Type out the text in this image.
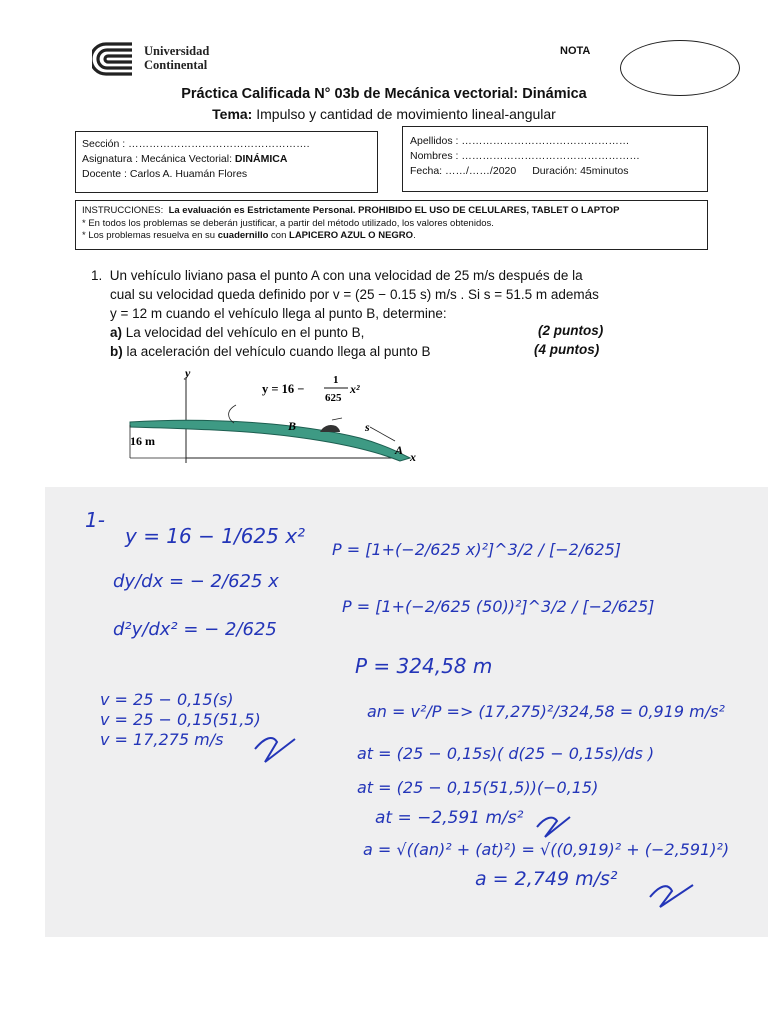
Universidad
Continental
NOTA
Práctica Calificada N° 03b de Mecánica vectorial: Dinámica
Tema: Impulso y cantidad de movimiento lineal-angular
Sección : …………………………………………….
Asignatura : Mecánica Vectorial: DINÁMICA
Docente : Carlos A. Huamán Flores
Apellidos : …………………………………………
Nombres : ……………………………………………
Fecha: ……/……/2020 Duración: 45minutos
INSTRUCCIONES: La evaluación es Estrictamente Personal. PROHIBIDO EL USO DE CELULARES, TABLET O LAPTOP
* En todos los problemas se deberán justificar, a partir del método utilizado, los valores obtenidos.
* Los problemas resuelva en su cuadernillo con LAPICERO AZUL O NEGRO.
1. Un vehículo liviano pasa el punto A con una velocidad de 25 m/s después de la
cual su velocidad queda definido por v = (25 − 0.15 s) m/s . Si s = 51.5 m además
y = 12 m cuando el vehículo llega al punto B, determine:
a) La velocidad del vehículo en el punto B,
b) la aceleración del vehículo cuando llega al punto B
(2 puntos)
(4 puntos)
y
x
y = 16 −
1
625
x²
16 m
B
A
s
1-
y = 16 − 1/625 x²
dy/dx = − 2/625 x
d²y/dx² = − 2/625
P = [1+(−2/625 x)²]^3/2 / [−2/625]
P = [1+(−2/625 (50))²]^3/2 / [−2/625]
P = 324,58 m
v = 25 − 0,15(s)
v = 25 − 0,15(51,5)
v = 17,275 m/s
an = v²/P => (17,275)²/324,58 = 0,919 m/s²
at = (25 − 0,15s)( d(25 − 0,15s)/ds )
at = (25 − 0,15(51,5))(−0,15)
at = −2,591 m/s²
a = √((an)² + (at)²) = √((0,919)² + (−2,591)²)
a = 2,749 m/s²
